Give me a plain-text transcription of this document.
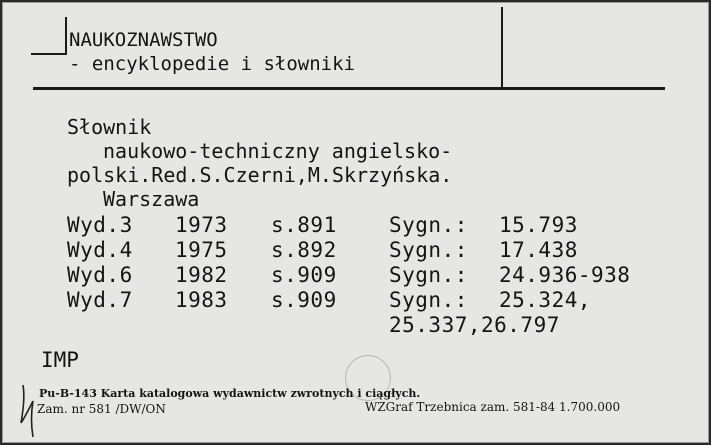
NAUKOZNAWSTWO
- encyklopedie i słowniki
Słownik
naukowo-techniczny angielsko-
polski.Red.S.Czerni,M.Skrzyńska.
Warszawa
Wyd.3 1973 s.891 Sygn.: 15.793
Wyd.4 1975 s.892 Sygn.: 17.438
Wyd.6 1982 s.909 Sygn.: 24.936-938
Wyd.7 1983 s.909 Sygn.: 25.324,
25.337,26.797
IMP
Pu-B-143 Karta katalogowa wydawnictw zwrotnych i ciągłych.
Zam. nr 581 /DW/ON	WZGraf Trzebnica zam. 581-84 1.700.000
